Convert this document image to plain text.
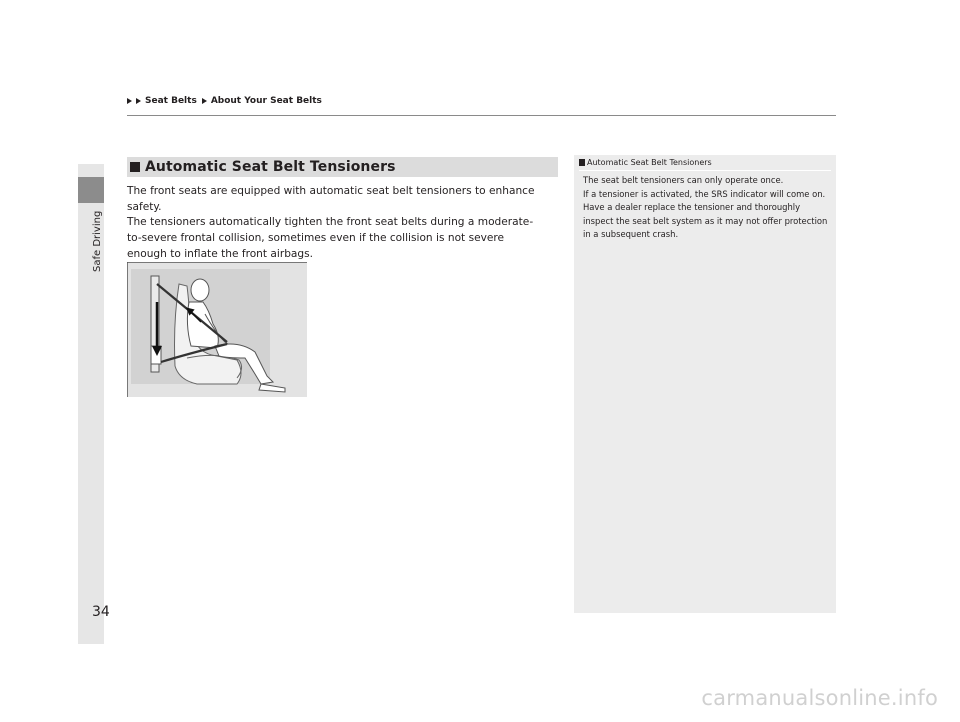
Safe Driving
Seat Belts About Your Seat Belts
Automatic Seat Belt Tensioners
The front seats are equipped with automatic seat belt tensioners to enhance safety.
The tensioners automatically tighten the front seat belts during a moderate-to-severe frontal collision, sometimes even if the collision is not severe enough to inflate the front airbags.
Automatic Seat Belt Tensioners

The seat belt tensioners can only operate once.

If a tensioner is activated, the SRS indicator will come on. Have a dealer replace the tensioner and thoroughly inspect the seat belt system as it may not offer protection in a subsequent crash.

34
carmanualsonline.info
